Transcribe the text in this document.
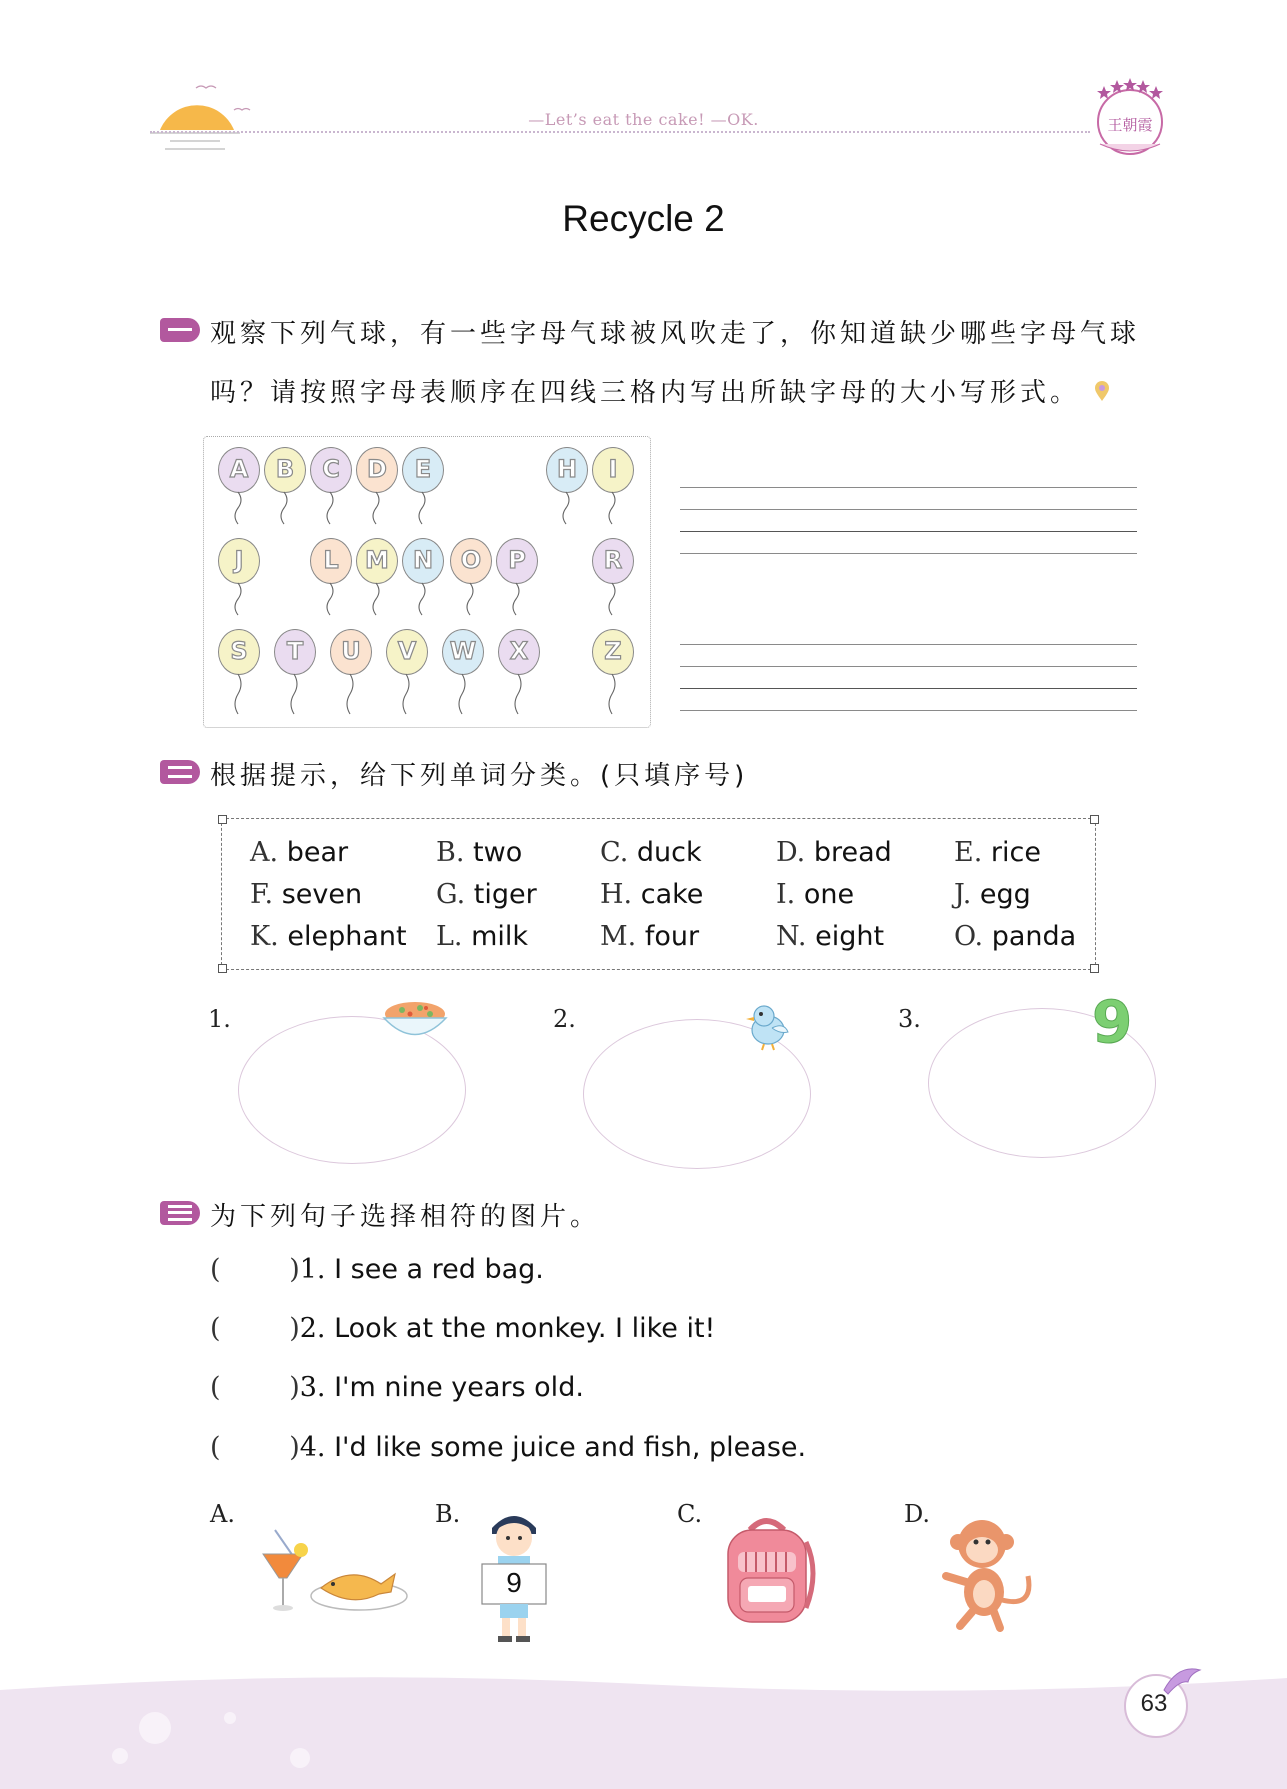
—Let’s eat the cake! —OK.	王朝霞
Recycle 2
观察下列气球，有一些字母气球被风吹走了，你知道缺少哪些字母气球
吗？请按照字母表顺序在四线三格内写出所缺字母的大小写形式。
A	B	C	D	E	H	I
J	L	M	N	O	P	R
S	T	U	V	W	X	Z
根据提示，给下列单词分类。(只填序号)
A. bear	B. two	C. duck	D. bread E. rice
F. seven	G. tiger H. cake	I. one	J. egg
K. elephant L. milk	M. four	N. eight	O. panda
1.	2.	3.	9
为下列句子选择相符的图片。
(        )1. I see a red bag.
(        )2. Look at the monkey. I like it!
(        )3. I'm nine years old.
(        )4. I'd like some juice and fish, please.
A.	B.
9
C.	D.
63
